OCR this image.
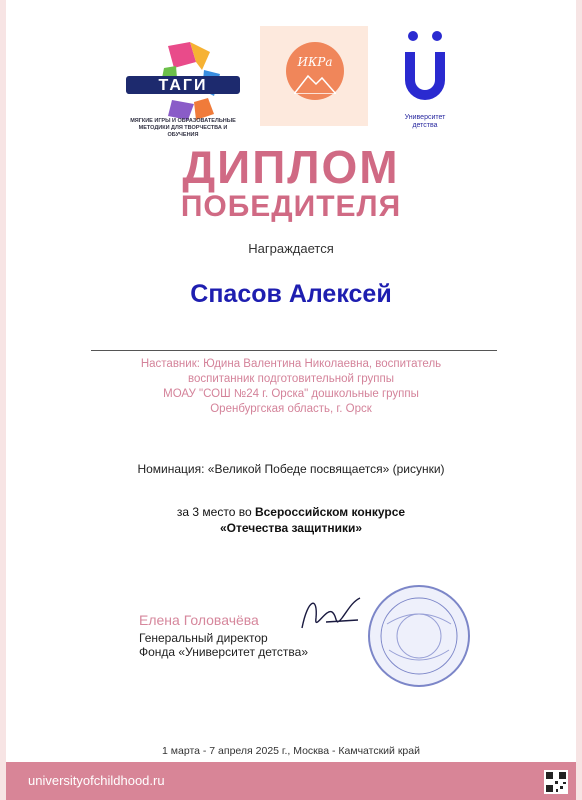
ТАГИ
МЯГКИЕ ИГРЫ И ОБРАЗОВАТЕЛЬНЫЕ МЕТОДИКИ ДЛЯ ТВОРЧЕСТВА И ОБУЧЕНИЯ
ИКРа
Университет
детства
ДИПЛОМ
ПОБЕДИТЕЛЯ
Награждается
Спасов Алексей
Наставник: Юдина Валентина Николаевна, воспитатель
воспитанник подготовительной группы
МОАУ "СОШ №24 г. Орска" дошкольные группы
Оренбургская область, г. Орск
Номинация: «Великой Победе посвящается» (рисунки)
за 3 место во Всероссийском конкурсе
«Отечества защитники»
Елена Головачёва
Генеральный директор
Фонда «Университет детства»
1 марта - 7 апреля 2025 г., Москва - Камчатский край
universityofchildhood.ru
